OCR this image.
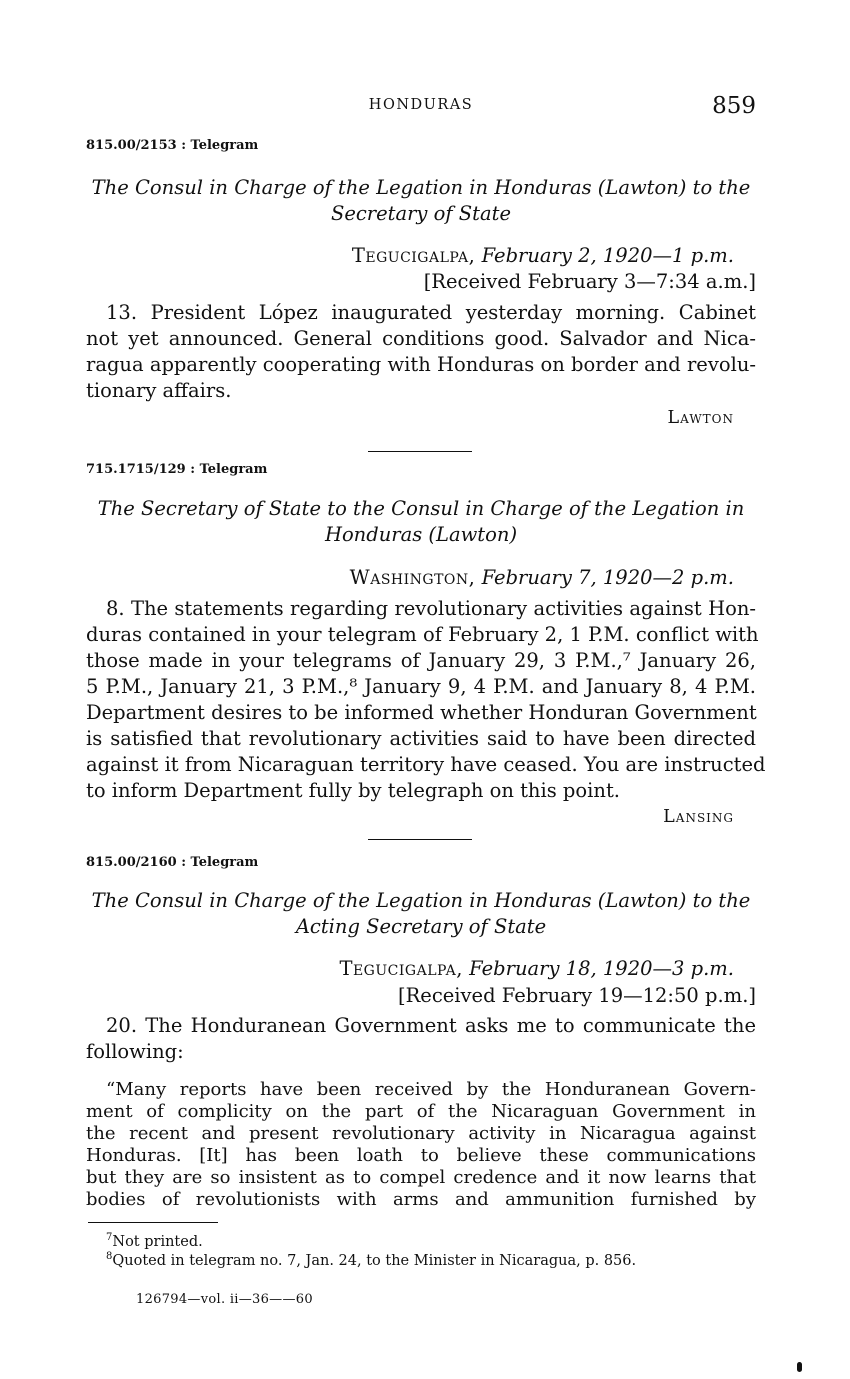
HONDURAS	859
815.00/2153 : Telegram
The Consul in Charge of the Legation in Honduras (Lawton) to the
Secretary of State
Tegucigalpa, February 2, 1920—1 p.m.
[Received February 3—7:34 a.m.]
13. President López inaugurated yesterday morning. Cabinet
not yet announced. General conditions good. Salvador and Nica-
ragua apparently cooperating with Honduras on border and revolu-
tionary affairs.
Lawton
715.1715/129 : Telegram
The Secretary of State to the Consul in Charge of the Legation in
Honduras (Lawton)
Washington, February 7, 1920—2 p.m.
8. The statements regarding revolutionary activities against Hon-
duras contained in your telegram of February 2, 1 P.M. conflict with
those made in your telegrams of January 29, 3 P.M.,⁷ January 26,
5 P.M., January 21, 3 P.M.,⁸ January 9, 4 P.M. and January 8, 4 P.M.
Department desires to be informed whether Honduran Government
is satisfied that revolutionary activities said to have been directed
against it from Nicaraguan territory have ceased. You are instructed
to inform Department fully by telegraph on this point.
Lansing
815.00/2160 : Telegram
The Consul in Charge of the Legation in Honduras (Lawton) to the
Acting Secretary of State
Tegucigalpa, February 18, 1920—3 p.m.
[Received February 19—12:50 p.m.]
20. The Honduranean Government asks me to communicate the
following:
“Many reports have been received by the Honduranean Govern-
ment of complicity on the part of the Nicaraguan Government in
the recent and present revolutionary activity in Nicaragua against
Honduras. [It] has been loath to believe these communications
but they are so insistent as to compel credence and it now learns that
bodies of revolutionists with arms and ammunition furnished by
$^7$Not printed.
$^8$Quoted in telegram no. 7, Jan. 24, to the Minister in Nicaragua, p. 856.
126794—vol. ii—36——60
